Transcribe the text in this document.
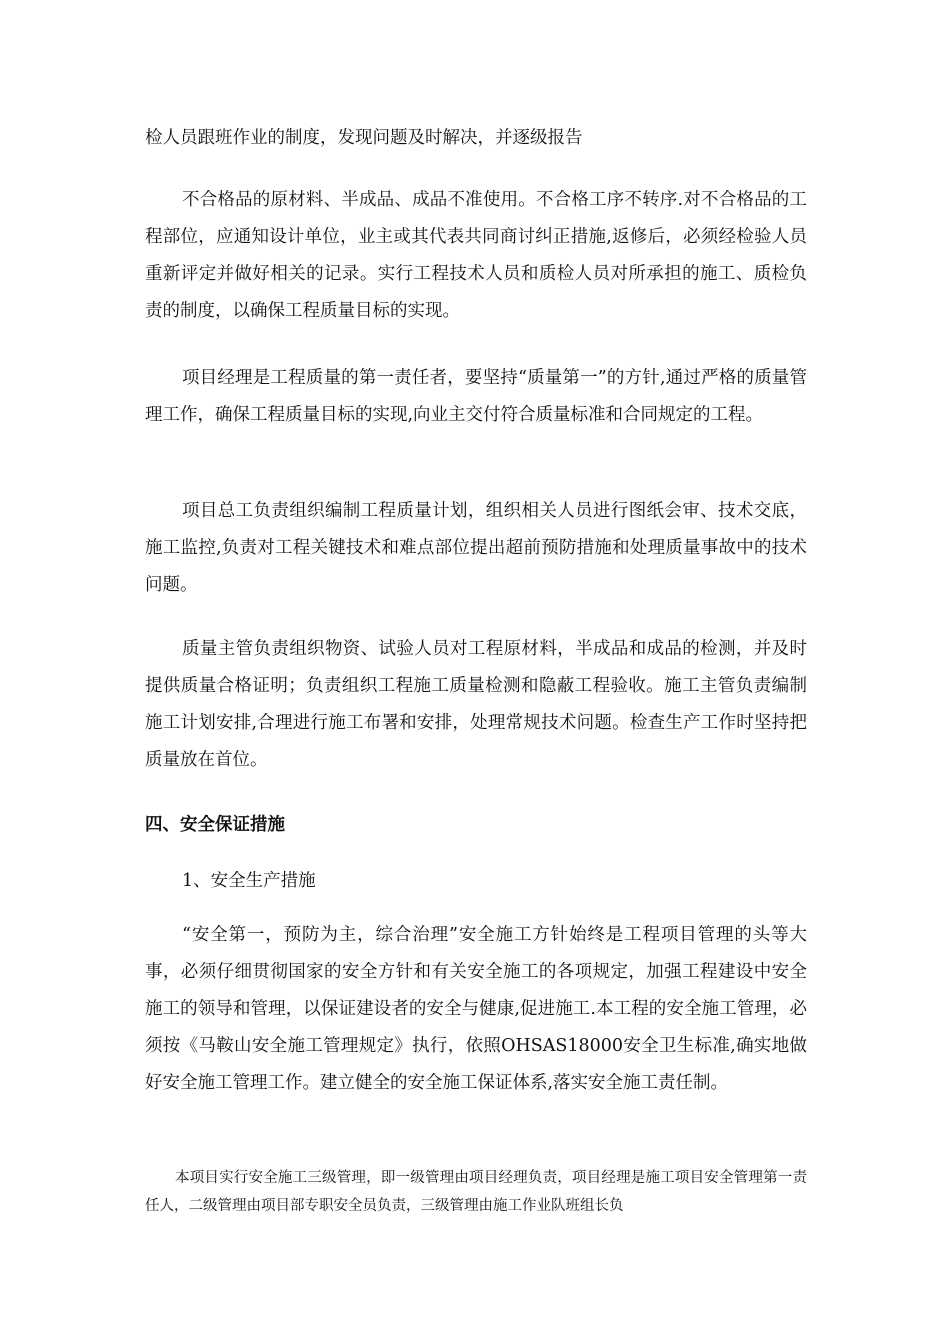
检人员跟班作业的制度，发现问题及时解决，并逐级报告

不合格品的原材料、半成品、成品不准使用。不合格工序不转序.对不合格品的工程部位，应通知设计单位，业主或其代表共同商讨纠正措施,返修后，必须经检验人员重新评定并做好相关的记录。实行工程技术人员和质检人员对所承担的施工、质检负责的制度，以确保工程质量目标的实现。

项目经理是工程质量的第一责任者，要坚持“质量第一”的方针,通过严格的质量管理工作，确保工程质量目标的实现,向业主交付符合质量标准和合同规定的工程。

项目总工负责组织编制工程质量计划，组织相关人员进行图纸会审、技术交底，施工监控,负责对工程关键技术和难点部位提出超前预防措施和处理质量事故中的技术问题。

质量主管负责组织物资、试验人员对工程原材料，半成品和成品的检测，并及时提供质量合格证明；负责组织工程施工质量检测和隐蔽工程验收。施工主管负责编制施工计划安排,合理进行施工布署和安排，处理常规技术问题。检查生产工作时坚持把质量放在首位。

四、安全保证措施

1、安全生产措施

“安全第一，预防为主，综合治理”安全施工方针始终是工程项目管理的头等大事，必须仔细贯彻国家的安全方针和有关安全施工的各项规定，加强工程建设中安全施工的领导和管理，以保证建设者的安全与健康,促进施工.本工程的安全施工管理，必须按《马鞍山安全施工管理规定》执行，依照OHSAS18000安全卫生标准,确实地做好安全施工管理工作。建立健全的安全施工保证体系,落实安全施工责任制。

本项目实行安全施工三级管理，即一级管理由项目经理负责，项目经理是施工项目安全管理第一责任人，二级管理由项目部专职安全员负责，三级管理由施工作业队班组长负
